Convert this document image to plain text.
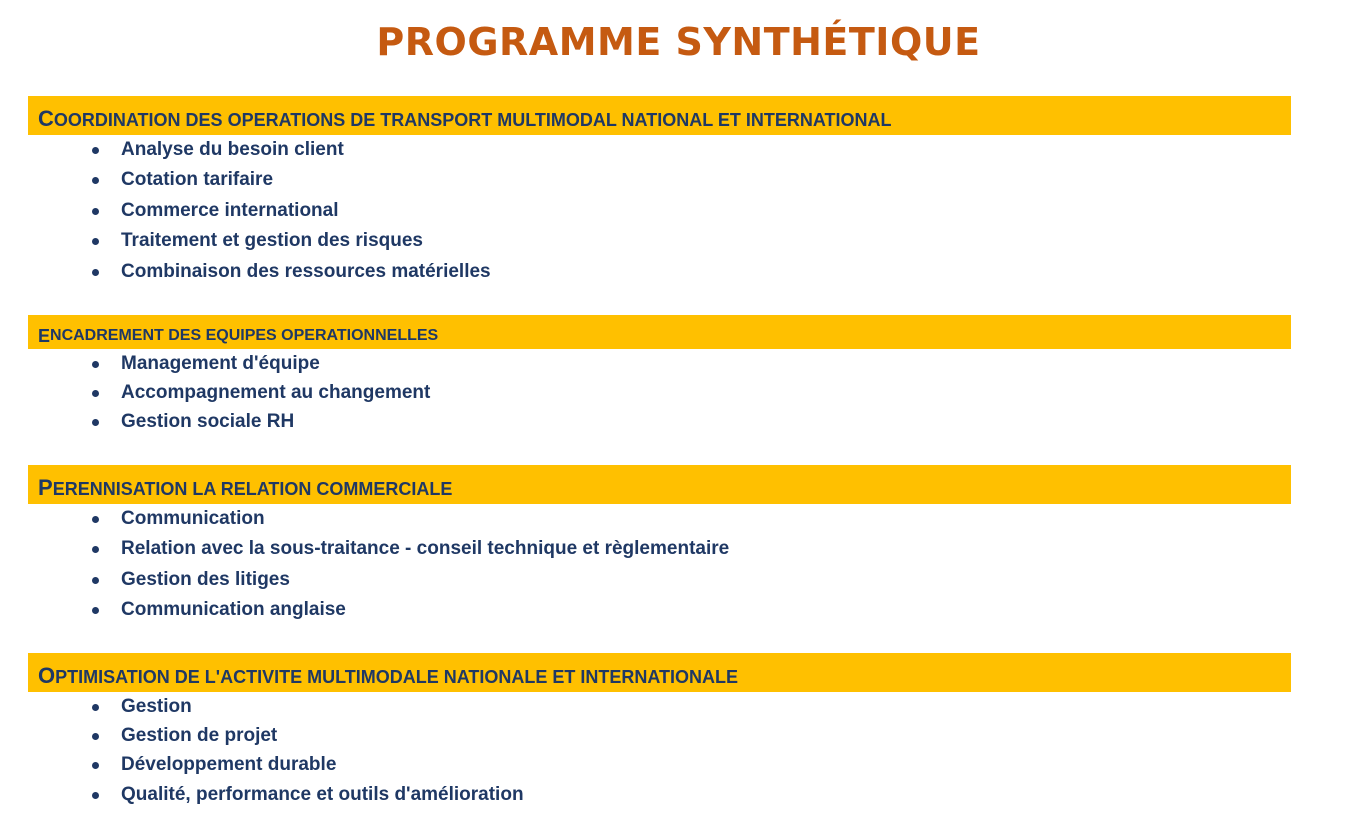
PROGRAMME SYNTHÉTIQUE
C OORDINATION DES OPERATIONS DE TRANSPORT MULTIMODAL NATIONAL ET INTERNATIONAL
Analyse du besoin client
Cotation tarifaire
Commerce international
Traitement et gestion des risques
Combinaison des ressources matérielles
E NCADREMENT DES EQUIPES OPERATIONNELLES
Management d'équipe
Accompagnement au changement
Gestion sociale RH
P ERENNISATION LA RELATION COMMERCIALE
Communication
Relation avec la sous-traitance - conseil technique et règlementaire
Gestion des litiges
Communication anglaise
O PTIMISATION DE L'ACTIVITE MULTIMODALE NATIONALE ET INTERNATIONALE
Gestion
Gestion de projet
Développement durable
Qualité, performance et outils d'amélioration
